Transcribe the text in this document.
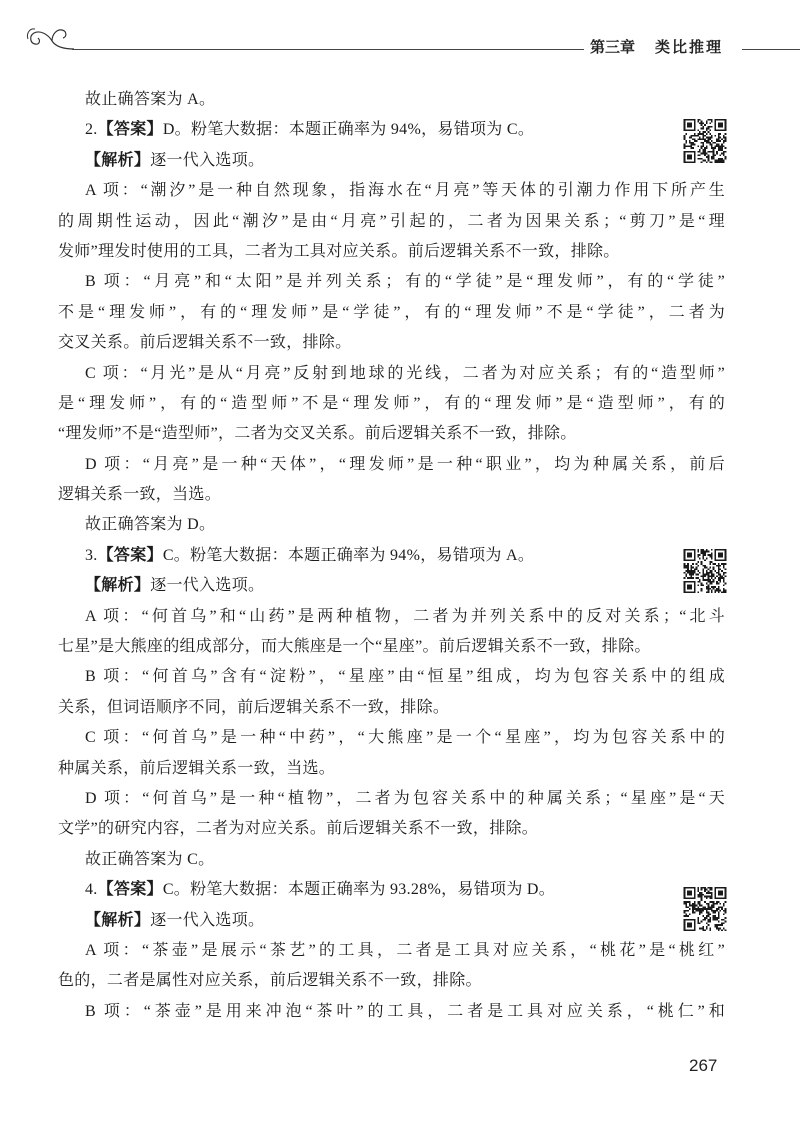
第三章 类比推理
故止确答案为 A。
2.【答案】D。粉笔大数据：本题正确率为 94%，易错项为 C。
【解析】逐一代入选项。
A 项：“潮汐”是一种自然现象，指海水在“月亮”等天体的引潮力作用下所产生
的周期性运动，因此“潮汐”是由“月亮”引起的，二者为因果关系；“剪刀”是“理
发师”理发时使用的工具，二者为工具对应关系。前后逻辑关系不一致，排除。
B 项：“月亮”和“太阳”是并列关系；有的“学徒”是“理发师”，有的“学徒”
不是“理发师”，有的“理发师”是“学徒”，有的“理发师”不是“学徒”，二者为
交叉关系。前后逻辑关系不一致，排除。
C 项：“月光”是从“月亮”反射到地球的光线，二者为对应关系；有的“造型师”
是“理发师”，有的“造型师”不是“理发师”，有的“理发师”是“造型师”，有的
“理发师”不是“造型师”，二者为交叉关系。前后逻辑关系不一致，排除。
D 项：“月亮”是一种“天体”，“理发师”是一种“职业”，均为种属关系，前后
逻辑关系一致，当选。
故正确答案为 D。
3.【答案】C。粉笔大数据：本题正确率为 94%，易错项为 A。
【解析】逐一代入选项。
A 项：“何首乌”和“山药”是两种植物，二者为并列关系中的反对关系；“北斗
七星”是大熊座的组成部分，而大熊座是一个“星座”。前后逻辑关系不一致，排除。
B 项：“何首乌”含有“淀粉”，“星座”由“恒星”组成，均为包容关系中的组成
关系，但词语顺序不同，前后逻辑关系不一致，排除。
C 项：“何首乌”是一种“中药”，“大熊座”是一个“星座”，均为包容关系中的
种属关系，前后逻辑关系一致，当选。
D 项：“何首乌”是一种“植物”，二者为包容关系中的种属关系；“星座”是“天
文学”的研究内容，二者为对应关系。前后逻辑关系不一致，排除。
故正确答案为 C。
4.【答案】C。粉笔大数据：本题正确率为 93.28%，易错项为 D。
【解析】逐一代入选项。
A 项：“茶壶”是展示“茶艺”的工具，二者是工具对应关系，“桃花”是“桃红”
色的，二者是属性对应关系，前后逻辑关系不一致，排除。
B 项：“茶壶”是用来冲泡“茶叶”的工具，二者是工具对应关系，“桃仁”和
267
